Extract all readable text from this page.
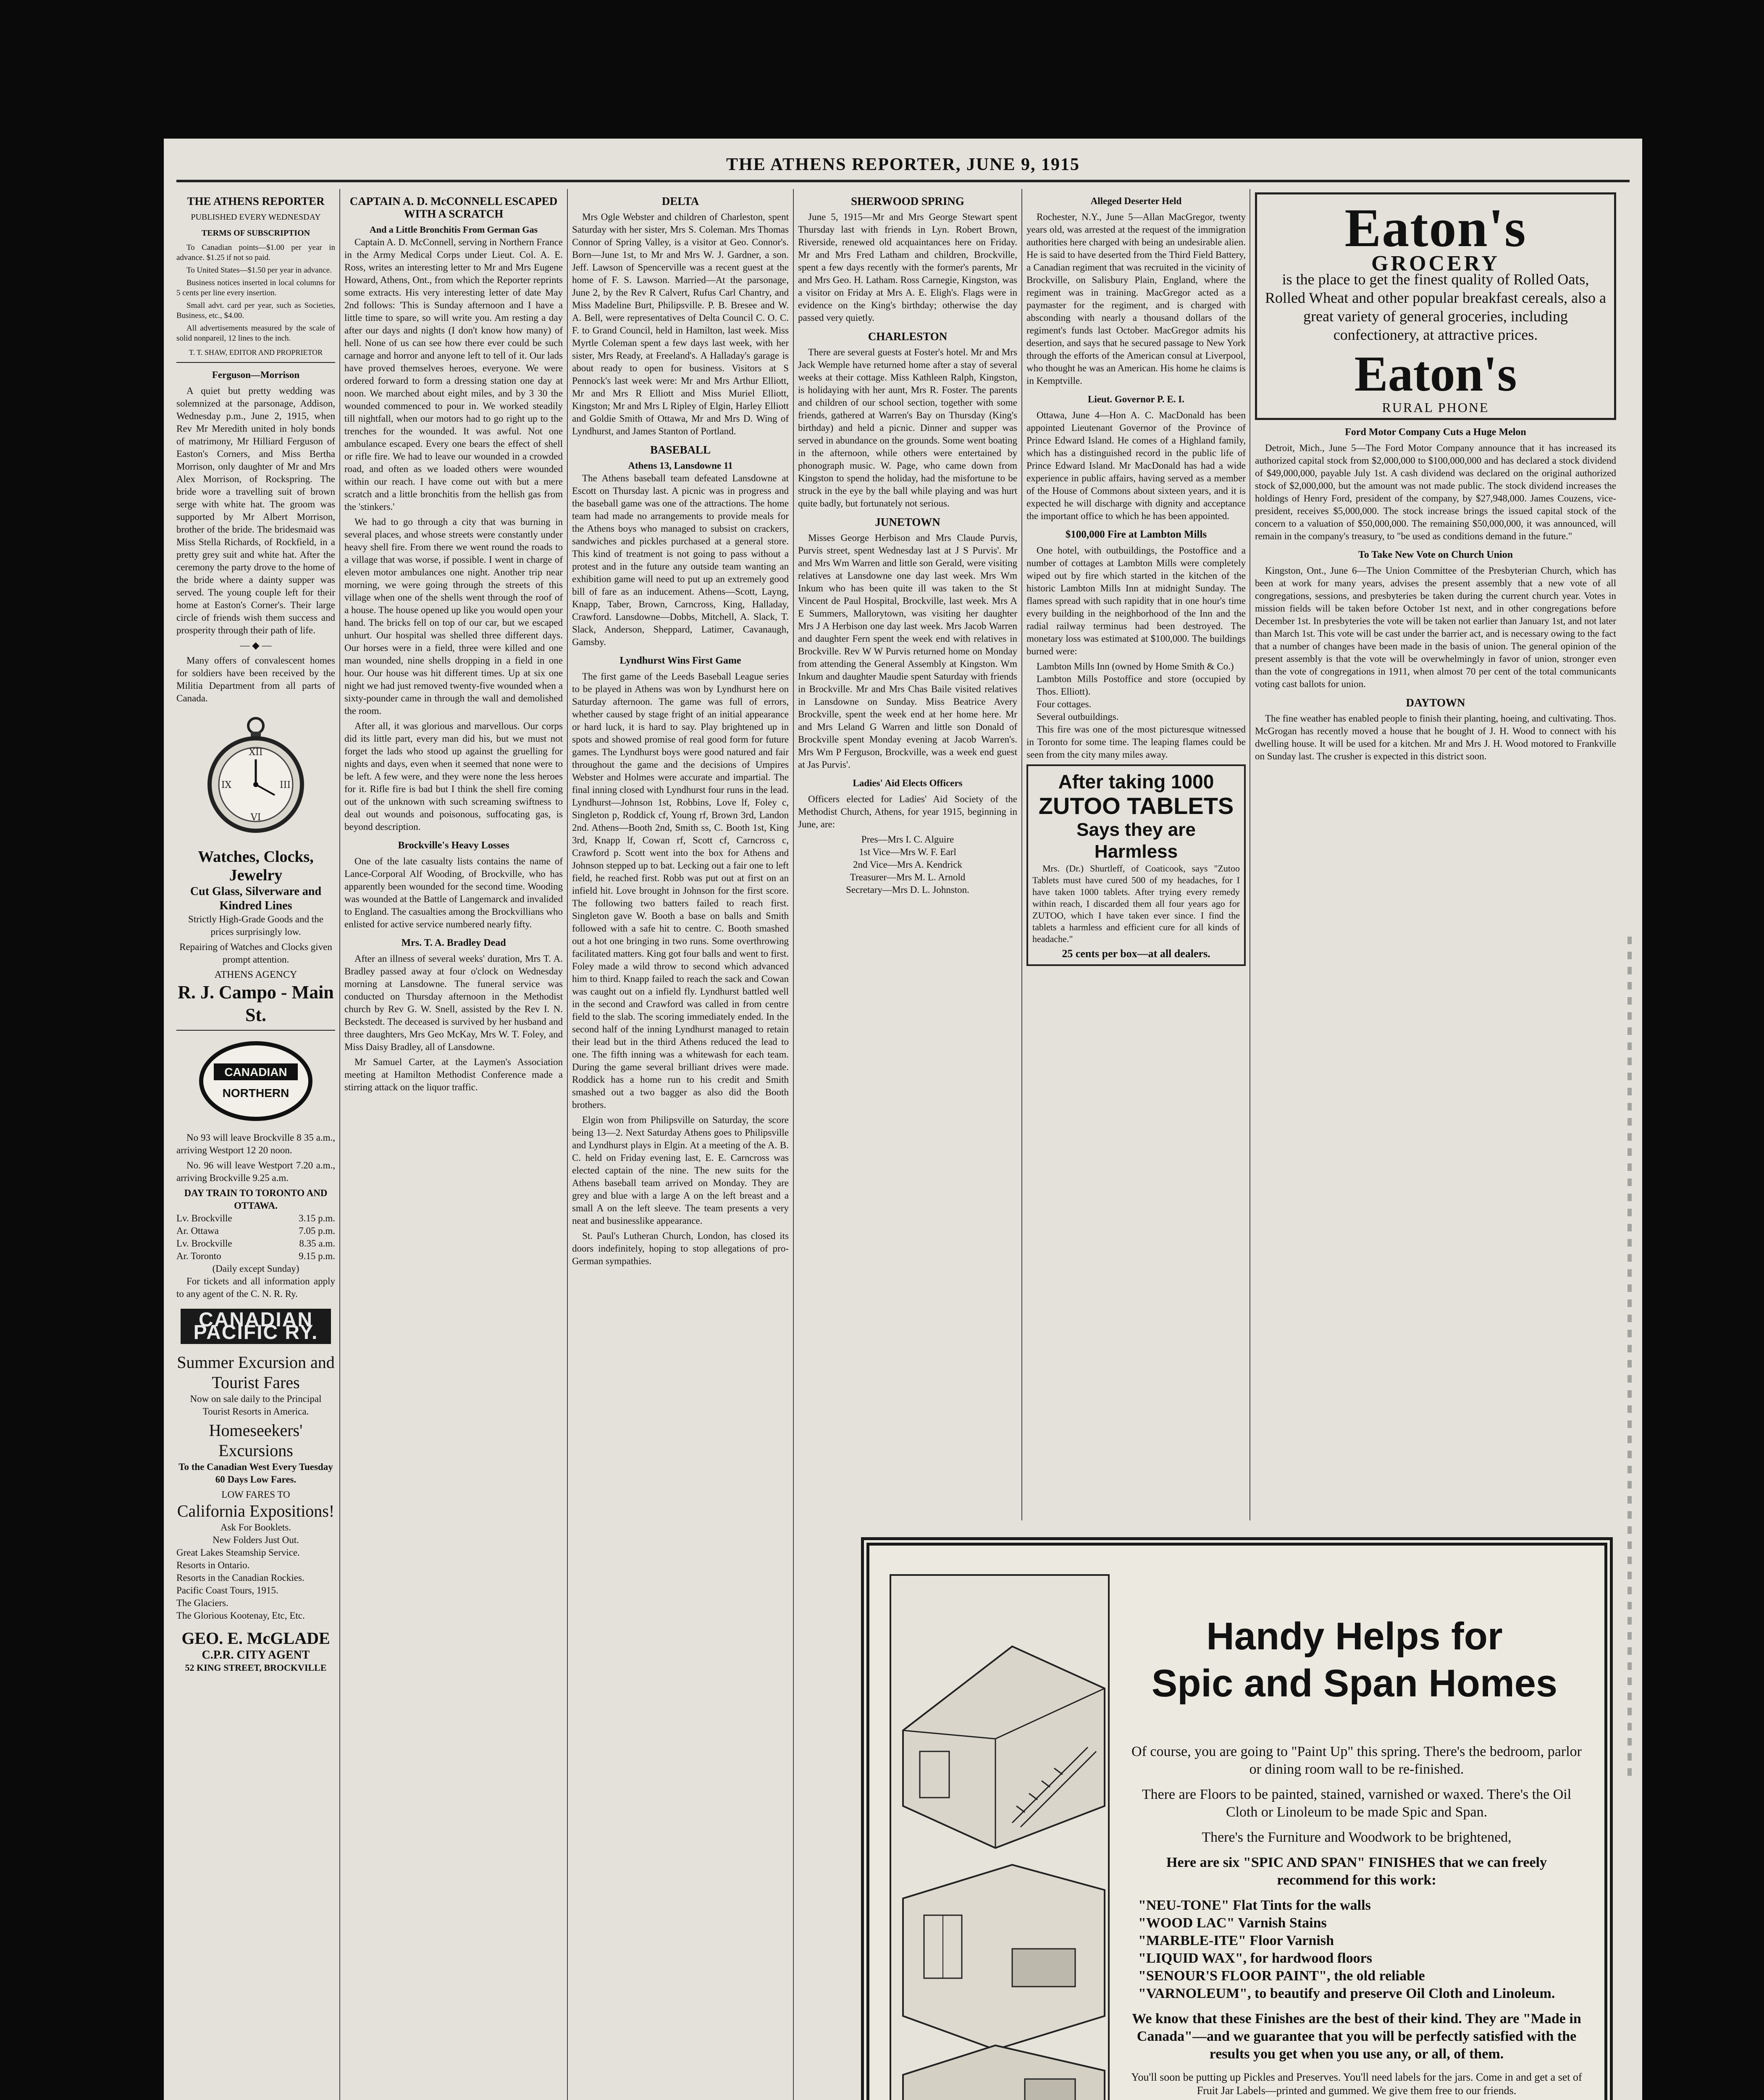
THE ATHENS REPORTER, JUNE 9, 1915
THE ATHENS REPORTER
PUBLISHED EVERY WEDNESDAY
TERMS OF SUBSCRIPTION

To Canadian points—$1.00 per year in advance. $1.25 if not so paid.

To United States—$1.50 per year in advance.

Business notices inserted in local columns for 5 cents per line every insertion.

Small advt. card per year, such as Societies, Business, etc., $4.00.

All advertisements measured by the scale of solid nonpareil, 12 lines to the inch.

T. T. SHAW, EDITOR AND PROPRIETOR
Ferguson—Morrison

A quiet but pretty wedding was solemnized at the parsonage, Addison, Wednesday p.m., June 2, 1915, when Rev Mr Meredith united in holy bonds of matrimony, Mr Hilliard Ferguson of Easton's Corners, and Miss Bertha Morrison, only daughter of Mr and Mrs Alex Morrison, of Rockspring. The bride wore a travelling suit of brown serge with white hat. The groom was supported by Mr Albert Morrison, brother of the bride. The bridesmaid was Miss Stella Richards, of Rockfield, in a pretty grey suit and white hat. After the ceremony the party drove to the home of the bride where a dainty supper was served. The young couple left for their home at Easton's Corner's. Their large circle of friends wish them success and prosperity through their path of life.

— ◆ —

Many offers of convalescent homes for soldiers have been received by the Militia Department from all parts of Canada.

XII
III
VI
IX
Watches, Clocks, Jewelry
Cut Glass, Silverware and Kindred Lines

Strictly High-Grade Goods and the prices surprisingly low.

Repairing of Watches and Clocks given prompt attention.

ATHENS AGENCY
R. J. Campo - Main St.
CANADIAN
NORTHERN

No 93 will leave Brockville 8 35 a.m., arriving Westport 12 20 noon.

No. 96 will leave Westport 7.20 a.m., arriving Brockville 9.25 a.m.

DAY TRAIN TO TORONTO AND OTTAWA.
Lv. Brockville	3.15 p.m.
Ar. Ottawa	7.05 p.m.
Lv. Brockville	8.35 a.m.
Ar. Toronto	9.15 p.m.
(Daily except Sunday)

For tickets and all information apply to any agent of the C. N. R. Ry.

CANADIAN PACIFIC RY.
Summer Excursion and Tourist Fares

Now on sale daily to the Principal Tourist Resorts in America.

Homeseekers' Excursions

To the Canadian West Every Tuesday 60 Days Low Fares.

LOW FARES TO
California Expositions!
Ask For Booklets.
New Folders Just Out.
Great Lakes Steamship Service.
Resorts in Ontario.
Resorts in the Canadian Rockies.
Pacific Coast Tours, 1915.
The Glaciers.
The Glorious Kootenay, Etc, Etc.
GEO. E. McGLADE
C.P.R. CITY AGENT
52 KING STREET, BROCKVILLE
CAPTAIN A. D. McCONNELL ESCAPED WITH A SCRATCH
And a Little Bronchitis From German Gas

Captain A. D. McConnell, serving in Northern France in the Army Medical Corps under Lieut. Col. A. E. Ross, writes an interesting letter to Mr and Mrs Eugene Howard, Athens, Ont., from which the Reporter reprints some extracts. His very interesting letter of date May 2nd follows: 'This is Sunday afternoon and I have a little time to spare, so will write you. Am resting a day after our days and nights (I don't know how many) of hell. None of us can see how there ever could be such carnage and horror and anyone left to tell of it. Our lads have proved themselves heroes, everyone. We were ordered forward to form a dressing station one day at noon. We marched about eight miles, and by 3 30 the wounded commenced to pour in. We worked steadily till nightfall, when our motors had to go right up to the trenches for the wounded. It was awful. Not one ambulance escaped. Every one bears the effect of shell or rifle fire. We had to leave our wounded in a crowded road, and often as we loaded others were wounded within our reach. I have come out with but a mere scratch and a little bronchitis from the hellish gas from the 'stinkers.'

We had to go through a city that was burning in several places, and whose streets were constantly under heavy shell fire. From there we went round the roads to a village that was worse, if possible. I went in charge of eleven motor ambulances one night. Another trip near morning, we were going through the streets of this village when one of the shells went through the roof of a house. The house opened up like you would open your hand. The bricks fell on top of our car, but we escaped unhurt. Our hospital was shelled three different days. Our horses were in a field, three were killed and one man wounded, nine shells dropping in a field in one hour. Our house was hit different times. Up at six one night we had just removed twenty-five wounded when a sixty-pounder came in through the wall and demolished the room.

After all, it was glorious and marvellous. Our corps did its little part, every man did his, but we must not forget the lads who stood up against the gruelling for nights and days, even when it seemed that none were to be left. A few were, and they were none the less heroes for it. Rifle fire is bad but I think the shell fire coming out of the unknown with such screaming swiftness to deal out wounds and poisonous, suffocating gas, is beyond description.

Brockville's Heavy Losses

One of the late casualty lists contains the name of Lance-Corporal Alf Wooding, of Brockville, who has apparently been wounded for the second time. Wooding was wounded at the Battle of Langemarck and invalided to England. The casualties among the Brockvillians who enlisted for active service numbered nearly fifty.

Mrs. T. A. Bradley Dead

After an illness of several weeks' duration, Mrs T. A. Bradley passed away at four o'clock on Wednesday morning at Lansdowne. The funeral service was conducted on Thursday afternoon in the Methodist church by Rev G. W. Snell, assisted by the Rev I. N. Beckstedt. The deceased is survived by her husband and three daughters, Mrs Geo McKay, Mrs W. T. Foley, and Miss Daisy Bradley, all of Lansdowne.

Mr Samuel Carter, at the Laymen's Association meeting at Hamilton Methodist Conference made a stirring attack on the liquor traffic.

DELTA

Mrs Ogle Webster and children of Charleston, spent Saturday with her sister, Mrs S. Coleman. Mrs Thomas Connor of Spring Valley, is a visitor at Geo. Connor's. Born—June 1st, to Mr and Mrs W. J. Gardner, a son. Jeff. Lawson of Spencerville was a recent guest at the home of F. S. Lawson. Married—At the parsonage, June 2, by the Rev R Calvert, Rufus Carl Chantry, and Miss Madeline Burt, Philipsville. P. B. Bresee and W. A. Bell, were representatives of Delta Council C. O. C. F. to Grand Council, held in Hamilton, last week. Miss Myrtle Coleman spent a few days last week, with her sister, Mrs Ready, at Freeland's. A Halladay's garage is about ready to open for business. Visitors at S Pennock's last week were: Mr and Mrs Arthur Elliott, Mr and Mrs R Elliott and Miss Muriel Elliott, Kingston; Mr and Mrs L Ripley of Elgin, Harley Elliott and Goldie Smith of Ottawa, Mr and Mrs D. Wing of Lyndhurst, and James Stanton of Portland.

BASEBALL
Athens 13, Lansdowne 11

The Athens baseball team defeated Lansdowne at Escott on Thursday last. A picnic was in progress and the baseball game was one of the attractions. The home team had made no arrangements to provide meals for the Athens boys who managed to subsist on crackers, sandwiches and pickles purchased at a general store. This kind of treatment is not going to pass without a protest and in the future any outside team wanting an exhibition game will need to put up an extremely good bill of fare as an inducement. Athens—Scott, Layng, Knapp, Taber, Brown, Carncross, King, Halladay, Crawford. Lansdowne—Dobbs, Mitchell, A. Slack, T. Slack, Anderson, Sheppard, Latimer, Cavanaugh, Gamsby.

Lyndhurst Wins First Game

The first game of the Leeds Baseball League series to be played in Athens was won by Lyndhurst here on Saturday afternoon. The game was full of errors, whether caused by stage fright of an initial appearance or hard luck, it is hard to say. Play brightened up in spots and showed promise of real good form for future games. The Lyndhurst boys were good natured and fair throughout the game and the decisions of Umpires Webster and Holmes were accurate and impartial. The final inning closed with Lyndhurst four runs in the lead. Lyndhurst—Johnson 1st, Robbins, Love lf, Foley c, Singleton p, Roddick cf, Young rf, Brown 3rd, Landon 2nd. Athens—Booth 2nd, Smith ss, C. Booth 1st, King 3rd, Knapp lf, Cowan rf, Scott cf, Carncross c, Crawford p. Scott went into the box for Athens and Johnson stepped up to bat. Lecking out a fair one to left field, he reached first. Robb was put out at first on an infield hit. Love brought in Johnson for the first score. The following two batters failed to reach first. Singleton gave W. Booth a base on balls and Smith followed with a safe hit to centre. C. Booth smashed out a hot one bringing in two runs. Some overthrowing facilitated matters. King got four balls and went to first. Foley made a wild throw to second which advanced him to third. Knapp failed to reach the sack and Cowan was caught out on a infield fly. Lyndhurst battled well in the second and Crawford was called in from centre field to the slab. The scoring immediately ended. In the second half of the inning Lyndhurst managed to retain their lead but in the third Athens reduced the lead to one. The fifth inning was a whitewash for each team. During the game several brilliant drives were made. Roddick has a home run to his credit and Smith smashed out a two bagger as also did the Booth brothers.

Elgin won from Philipsville on Saturday, the score being 13—2. Next Saturday Athens goes to Philipsville and Lyndhurst plays in Elgin. At a meeting of the A. B. C. held on Friday evening last, E. E. Carncross was elected captain of the nine. The new suits for the Athens baseball team arrived on Monday. They are grey and blue with a large A on the left breast and a small A on the left sleeve. The team presents a very neat and businesslike appearance.

St. Paul's Lutheran Church, London, has closed its doors indefinitely, hoping to stop allegations of pro-German sympathies.

SHERWOOD SPRING

June 5, 1915—Mr and Mrs George Stewart spent Thursday last with friends in Lyn. Robert Brown, Riverside, renewed old acquaintances here on Friday. Mr and Mrs Fred Latham and children, Brockville, spent a few days recently with the former's parents, Mr and Mrs Geo. H. Latham. Ross Carnegie, Kingston, was a visitor on Friday at Mrs A. E. Eligh's. Flags were in evidence on the King's birthday; otherwise the day passed very quietly.

CHARLESTON

There are several guests at Foster's hotel. Mr and Mrs Jack Wemple have returned home after a stay of several weeks at their cottage. Miss Kathleen Ralph, Kingston, is holidaying with her aunt, Mrs R. Foster. The parents and children of our school section, together with some friends, gathered at Warren's Bay on Thursday (King's birthday) and held a picnic. Dinner and supper was served in abundance on the grounds. Some went boating in the afternoon, while others were entertained by phonograph music. W. Page, who came down from Kingston to spend the holiday, had the misfortune to be struck in the eye by the ball while playing and was hurt quite badly, but fortunately not serious.

JUNETOWN

Misses George Herbison and Mrs Claude Purvis, Purvis street, spent Wednesday last at J S Purvis'. Mr and Mrs Wm Warren and little son Gerald, were visiting relatives at Lansdowne one day last week. Mrs Wm Inkum who has been quite ill was taken to the St Vincent de Paul Hospital, Brockville, last week. Mrs A E Summers, Mallorytown, was visiting her daughter Mrs J A Herbison one day last week. Mrs Jacob Warren and daughter Fern spent the week end with relatives in Brockville. Rev W W Purvis returned home on Monday from attending the General Assembly at Kingston. Wm Inkum and daughter Maudie spent Saturday with friends in Brockville. Mr and Mrs Chas Baile visited relatives in Lansdowne on Sunday. Miss Beatrice Avery Brockville, spent the week end at her home here. Mr and Mrs Leland G Warren and little son Donald of Brockville spent Monday evening at Jacob Warren's. Mrs Wm P Ferguson, Brockville, was a week end guest at Jas Purvis'.

Ladies' Aid Elects Officers

Officers elected for Ladies' Aid Society of the Methodist Church, Athens, for year 1915, beginning in June, are:

Pres—Mrs I. C. Alguire
1st Vice—Mrs W. F. Earl
2nd Vice—Mrs A. Kendrick
Treasurer—Mrs M. L. Arnold
Secretary—Mrs D. L. Johnston.
Alleged Deserter Held

Rochester, N.Y., June 5—Allan MacGregor, twenty years old, was arrested at the request of the immigration authorities here charged with being an undesirable alien. He is said to have deserted from the Third Field Battery, a Canadian regiment that was recruited in the vicinity of Brockville, on Salisbury Plain, England, where the regiment was in training. MacGregor acted as a paymaster for the regiment, and is charged with absconding with nearly a thousand dollars of the regiment's funds last October. MacGregor admits his desertion, and says that he secured passage to New York through the efforts of the American consul at Liverpool, who thought he was an American. His home he claims is in Kemptville.

Lieut. Governor P. E. I.

Ottawa, June 4—Hon A. C. MacDonald has been appointed Lieutenant Governor of the Province of Prince Edward Island. He comes of a Highland family, which has a distinguished record in the public life of Prince Edward Island. Mr MacDonald has had a wide experience in public affairs, having served as a member of the House of Commons about sixteen years, and it is expected he will discharge with dignity and acceptance the important office to which he has been appointed.

$100,000 Fire at Lambton Mills

One hotel, with outbuildings, the Postoffice and a number of cottages at Lambton Mills were completely wiped out by fire which started in the kitchen of the historic Lambton Mills Inn at midnight Sunday. The flames spread with such rapidity that in one hour's time every building in the neighborhood of the Inn and the radial railway terminus had been destroyed. The monetary loss was estimated at $100,000. The buildings burned were:

Lambton Mills Inn (owned by Home Smith & Co.)
Lambton Mills Postoffice and store (occupied by Thos. Elliott).
Four cottages.
Several outbuildings.

This fire was one of the most picturesque witnessed in Toronto for some time. The leaping flames could be seen from the city many miles away.

After taking 1000
ZUTOO TABLETS
Says they are Harmless

Mrs. (Dr.) Shurtleff, of Coaticook, says "Zutoo Tablets must have cured 500 of my headaches, for I have taken 1000 tablets. After trying every remedy within reach, I discarded them all four years ago for ZUTOO, which I have taken ever since. I find the tablets a harmless and efficient cure for all kinds of headache."

25 cents per box—at all dealers.
Eaton's
GROCERY

is the place to get the finest quality of Rolled Oats, Rolled Wheat and other popular breakfast cereals, also a great variety of general groceries, including confectionery, at attractive prices.

Eaton's
RURAL PHONE
Ford Motor Company Cuts a Huge Melon

Detroit, Mich., June 5—The Ford Motor Company announce that it has increased its authorized capital stock from $2,000,000 to $100,000,000 and has declared a stock dividend of $49,000,000, payable July 1st. A cash dividend was declared on the original authorized stock of $2,000,000, but the amount was not made public. The stock dividend increases the holdings of Henry Ford, president of the company, by $27,948,000. James Couzens, vice-president, receives $5,000,000. The stock increase brings the issued capital stock of the concern to a valuation of $50,000,000. The remaining $50,000,000, it was announced, will remain in the company's treasury, to "be used as conditions demand in the future."

To Take New Vote on Church Union

Kingston, Ont., June 6—The Union Committee of the Presbyterian Church, which has been at work for many years, advises the present assembly that a new vote of all congregations, sessions, and presbyteries be taken during the current church year. Votes in mission fields will be taken before October 1st next, and in other congregations before December 1st. In presbyteries the vote will be taken not earlier than January 1st, and not later than March 1st. This vote will be cast under the barrier act, and is necessary owing to the fact that a number of changes have been made in the basis of union. The general opinion of the present assembly is that the vote will be overwhelmingly in favor of union, stronger even than the vote of congregations in 1911, when almost 70 per cent of the total communicants voting cast ballots for union.

DAYTOWN

The fine weather has enabled people to finish their planting, hoeing, and cultivating. Thos. McGrogan has recently moved a house that he bought of J. H. Wood to connect with his dwelling house. It will be used for a kitchen. Mr and Mrs J. H. Wood motored to Frankville on Sunday last. The crusher is expected in this district soon.

Handy Helps for
Spic and Span Homes

Of course, you are going to "Paint Up" this spring. There's the bedroom, parlor or dining room wall to be re-finished.

There are Floors to be painted, stained, varnished or waxed. There's the Oil Cloth or Linoleum to be made Spic and Span.

There's the Furniture and Woodwork to be brightened,

Here are six "SPIC AND SPAN" FINISHES that we can freely recommend for this work:

"NEU-TONE" Flat Tints for the walls
"WOOD LAC" Varnish Stains
"MARBLE-ITE" Floor Varnish
"LIQUID WAX", for hardwood floors
"SENOUR'S FLOOR PAINT", the old reliable
"VARNOLEUM", to beautify and preserve Oil Cloth and Linoleum.

We know that these Finishes are the best of their kind. They are "Made in Canada"—and we guarantee that you will be perfectly satisfied with the results you get when you use any, or all, of them.

You'll soon be putting up Pickles and Preserves. You'll need labels for the jars. Come in and get a set of Fruit Jar Labels—printed and gummed. We give them free to our friends.
